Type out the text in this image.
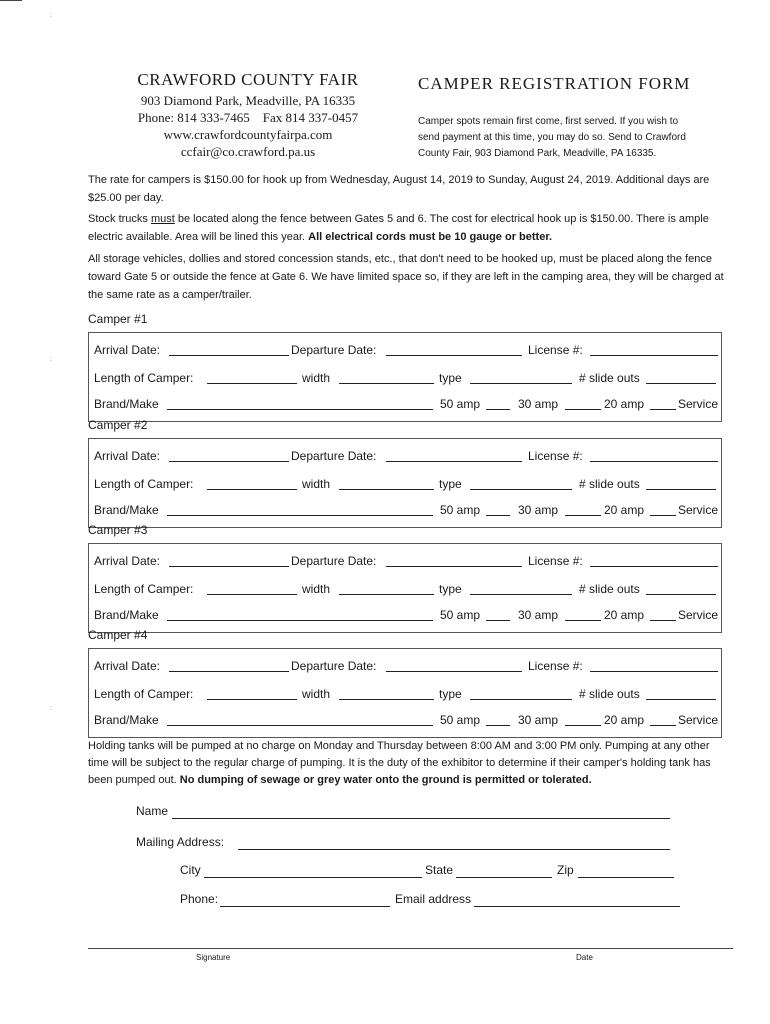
:
:
:
CRAWFORD COUNTY FAIR
903 Diamond Park, Meadville, PA 16335
Phone: 814 333-7465    Fax 814 337-0457
www.crawfordcountyfairpa.com
ccfair@co.crawford.pa.us
CAMPER REGISTRATION FORM
Camper spots remain first come, first served. If you wish to
send payment at this time, you may do so. Send to Crawford
County Fair, 903 Diamond Park, Meadville, PA 16335.
The rate for campers is $150.00 for hook up from Wednesday, August 14, 2019 to Sunday, August 24, 2019. Additional days are $25.00 per day.
Stock trucks must be located along the fence between Gates 5 and 6. The cost for electrical hook up is $150.00. There is ample electric available. Area will be lined this year. All electrical cords must be 10 gauge or better.
All storage vehicles, dollies and stored concession stands, etc., that don't need to be hooked up, must be placed along the fence toward Gate 5 or outside the fence at Gate 6. We have limited space so, if they are left in the camping area, they will be charged at the same rate as a camper/trailer.
Camper #1
Arrival Date:	Departure Date:	License #:
Length of Camper:	width	type	# slide outs
Brand/Make	50 amp	30 amp	20 amp	Service
Camper #2
Arrival Date:	Departure Date:	License #:
Length of Camper:	width	type	# slide outs
Brand/Make	50 amp	30 amp	20 amp	Service
Camper #3
Arrival Date:	Departure Date:	License #:
Length of Camper:	width	type	# slide outs
Brand/Make	50 amp	30 amp	20 amp	Service
Camper #4
Arrival Date:	Departure Date:	License #:
Length of Camper:	width	type	# slide outs
Brand/Make	50 amp	30 amp	20 amp	Service
Holding tanks will be pumped at no charge on Monday and Thursday between 8:00 AM and 3:00 PM only. Pumping at any other time will be subject to the regular charge of pumping. It is the duty of the exhibitor to determine if their camper's holding tank has been pumped out. No dumping of sewage or grey water onto the ground is permitted or tolerated.
Name
Mailing Address:
City	State	Zip
Phone:	Email address
Signature	Date
